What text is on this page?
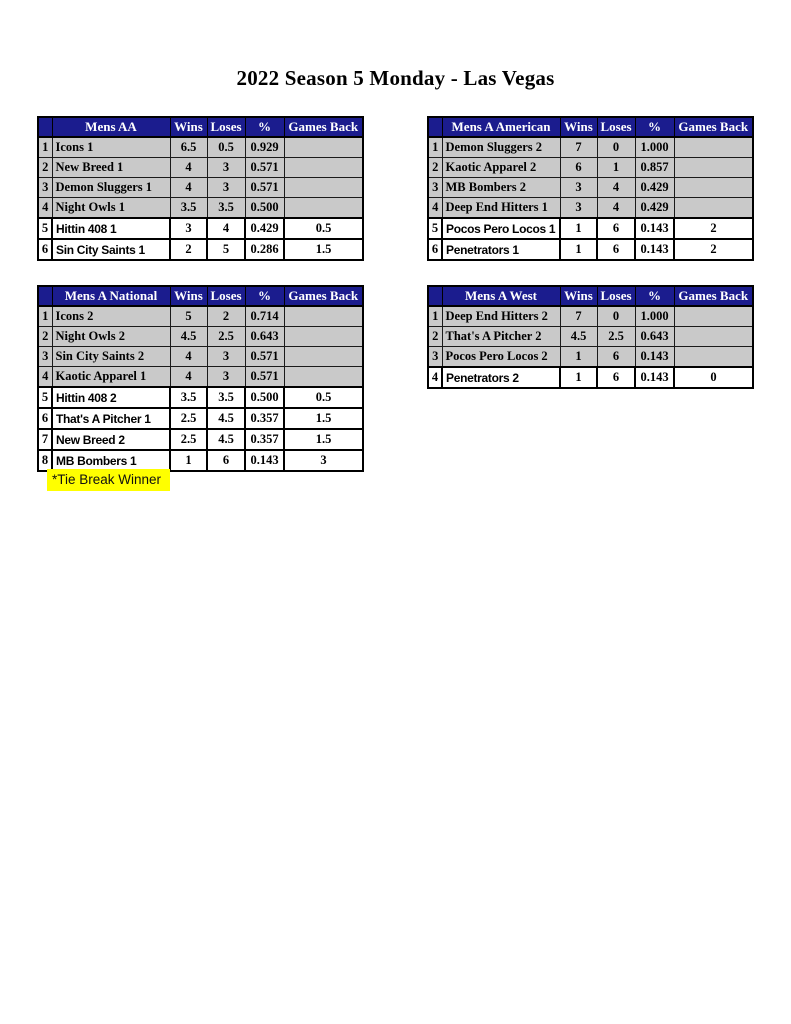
2022 Season 5 Monday - Las Vegas
	Mens AA	Wins	Loses	%	Games Back
1	Icons 1	6.5	0.5	0.929	
2	New Breed 1	4	3	0.571	
3	Demon Sluggers 1	4	3	0.571	
4	Night Owls 1	3.5	3.5	0.500	
5	Hittin 408 1	3	4	0.429	0.5
6	Sin City Saints 1	2	5	0.286	1.5
	Mens A American	Wins	Loses	%	Games Back
1	Demon Sluggers 2	7	0	1.000	
2	Kaotic Apparel 2	6	1	0.857	
3	MB Bombers 2	3	4	0.429	
4	Deep End Hitters 1	3	4	0.429	
5	Pocos Pero Locos 1	1	6	0.143	2
6	Penetrators 1	1	6	0.143	2
	Mens A National	Wins	Loses	%	Games Back
1	Icons 2	5	2	0.714	
2	Night Owls 2	4.5	2.5	0.643	
3	Sin City Saints 2	4	3	0.571	
4	Kaotic Apparel 1	4	3	0.571	
5	Hittin 408 2	3.5	3.5	0.500	0.5
6	That's A Pitcher 1	2.5	4.5	0.357	1.5
7	New Breed 2	2.5	4.5	0.357	1.5
8	MB Bombers 1	1	6	0.143	3
	Mens A West	Wins	Loses	%	Games Back
1	Deep End Hitters 2	7	0	1.000	
2	That's A Pitcher 2	4.5	2.5	0.643	
3	Pocos Pero Locos 2	1	6	0.143	
4	Penetrators 2	1	6	0.143	0
*Tie Break Winner
